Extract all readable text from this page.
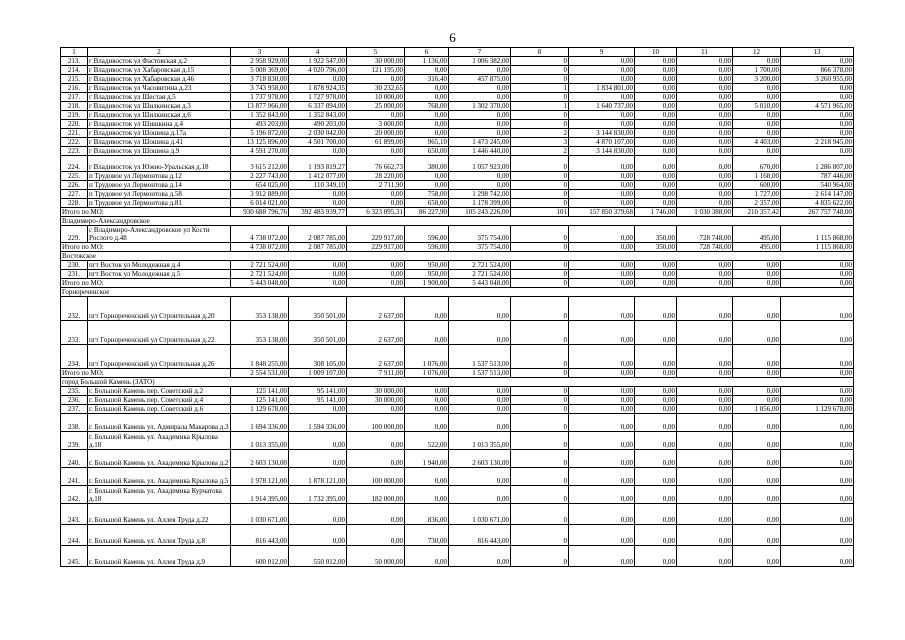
6
1	2	3	4	5	6	7	8	9	10	11	12	13
213.	г Владивосток ул Фастовская д.2	2 958 929,00	1 922 547,00	30 000,00	1 136,00	1 006 382,00	0	0,00	0,00	0,00	0,00	0,00
214.	г Владивосток ул Хабаровская д.15	5 008 369,00	4 020 796,00	121 195,00	0,00	0,00	0	0,00	0,00	0,00	1 700,00	866 378,00
215.	г Владивосток ул Хабаровская д.46	3 718 830,00	0,00	0,00	316,40	457 875,00	0	0,00	0,00	0,00	3 200,00	3 260 955,00
216.	г Владивосток ул Часовитина д.23	3 743 958,00	1 878 924,35	30 232,65	0,00	0,00	1	1 834 801,00	0,00	0,00	0,00	0,00
217.	г Владивосток ул Шестая д.5	1 737 978,00	1 727 978,00	10 000,00	0,00	0,00	0	0,00	0,00	0,00	0,00	0,00
218.	г Владивосток ул Шилкинская д.3	13 877 966,00	6 337 894,00	25 000,00	768,00	1 302 370,00	1	1 640 737,00	0,00	0,00	5 010,00	4 571 965,00
219.	г Владивосток ул Шилкинская д.6	1 352 843,00	1 352 843,00	0,00	0,00	0,00	0	0,00	0,00	0,00	0,00	0,00
220.	г Владивосток ул Шишкина д.4	493 203,00	490 203,00	3 000,00	0,00	0,00	0	0,00	0,00	0,00	0,00	0,00
221.	г Владивосток ул Шошина д.17а	5 196 872,00	2 030 042,00	20 000,00	0,00	0,00	2	3 144 830,00	0,00	0,00	0,00	0,00
222.	г Владивосток ул Шошина д.41	13 125 896,00	4 501 700,00	61 899,00	965,10	1 473 245,00	3	4 870 107,00	0,00	0,00	4 403,00	2 218 945,00
223.	г Владивосток ул Шошина д.9	4 591 270,00	0,00	0,00	650,00	1 446 440,00	2	3 144 830,00	0,00	0,00	0,00	0,00
224.	г Владивосток ул Южно-Уральская д.18	3 615 212,00	1 193 819,27	76 662,73	380,00	1 057 923,00	0	0,00	0,00	0,00	670,00	1 286 807,00
225.	п Трудовое ул Лермонтова д.12	2 227 743,00	1 412 077,00	28 220,00	0,00	0,00	0	0,00	0,00	0,00	1 168,00	787 446,00
226.	п Трудовое ул Лермонтова д.14	654 025,00	110 349,10	2 711,90	0,00	0,00	0	0,00	0,00	0,00	600,00	540 964,00
227.	п Трудовое ул Лермонтова д.58	3 912 889,00	0,00	0,00	758,00	1 298 742,00	0	0,00	0,00	0,00	1 727,00	2 614 147,00
228.	п Трудовое ул Лермонтова д.81	6 014 021,00	0,00	0,00	650,00	1 178 399,00	0	0,00	0,00	0,00	2 357,00	4 835 622,00
Итого по МО:		930 688 796,76	392 483 939,77	6 323 095,31	86 227,90	105 243 226,00	101	157 850 379,68	1 746,00	1 030 388,00	210 357,42	267 757 748,00
Владимиро-Александровское												
229.	с Владимиро-Александровское ул Кости Рослого д.48	4 738 072,00	2 087 785,00	229 917,00	596,00	375 754,00	0	0,00	350,00	728 748,00	495,00	1 115 868,00
Итого по МО:		4 738 072,00	2 087 785,00	229 917,00	596,00	375 754,00	0	0,00	350,00	728 748,00	495,00	1 115 868,00
Востокское												
230.	пгт Восток ул Молодежная д.4	2 721 524,00	0,00	0,00	950,00	2 721 524,00	0	0,00	0,00	0,00	0,00	0,00
231.	пгт Восток ул Молодежная д.5	2 721 524,00	0,00	0,00	950,00	2 721 524,00	0	0,00	0,00	0,00	0,00	0,00
Итого по МО:		5 443 048,00	0,00	0,00	1 900,00	5 443 048,00	0	0,00	0,00	0,00	0,00	0,00
Горнореченское												
232.	пгт Горнореченский ул Строительная д.20	353 138,00	350 501,00	2 637,00	0,00	0,00	0	0,00	0,00	0,00	0,00	0,00
233.	пгт Горнореченский ул Строительная д.22	353 138,00	350 501,00	2 637,00	0,00	0,00	0	0,00	0,00	0,00	0,00	0,00
234.	пгт Горнореченский ул Строительная д.26	1 848 255,00	308 105,00	2 637,00	1 076,00	1 537 513,00	0	0,00	0,00	0,00	0,00	0,00
Итого по МО:		2 554 531,00	1 009 107,00	7 911,00	1 076,00	1 537 513,00	0	0,00	0,00	0,00	0,00	0,00
город Большой Камень (ЗАТО)												
235.	г. Большой Камень пер. Советский д.2	125 141,00	95 141,00	30 000,00	0,00	0,00	0	0,00	0,00	0,00	0,00	0,00
236.	г. Большой Камень пер. Советский д.4	125 141,00	95 141,00	30 000,00	0,00	0,00	0	0,00	0,00	0,00	0,00	0,00
237.	г. Большой Камень пер. Советский д.6	1 129 678,00	0,00	0,00	0,00	0,00	0	0,00	0,00	0,00	1 056,00	1 129 678,00
238.	г. Большой Камень ул. Адмирала Макарова д.3	1 694 336,00	1 594 336,00	100 000,00	0,00	0,00	0	0,00	0,00	0,00	0,00	0,00
239.	г. Большой Камень ул. Академика Крылова д.18	1 013 355,00	0,00	0,00	522,00	1 013 355,00	0	0,00	0,00	0,00	0,00	0,00
240.	г. Большой Камень ул. Академика Крылова д.2	2 603 130,00	0,00	0,00	1 940,00	2 603 130,00	0	0,00	0,00	0,00	0,00	0,00
241.	г. Большой Камень ул. Академика Крылова д.5	1 978 121,00	1 878 121,00	100 000,00	0,00	0,00	0	0,00	0,00	0,00	0,00	0,00
242.	г. Большой Камень ул. Академика Курчатова д.18	1 914 395,00	1 732 395,00	182 000,00	0,00	0,00	0	0,00	0,00	0,00	0,00	0,00
243.	г. Большой Камень ул. Аллея Труда д.22	1 030 671,00	0,00	0,00	836,00	1 030 671,00	0	0,00	0,00	0,00	0,00	0,00
244.	г. Большой Камень ул. Аллея Труда д.8	816 443,00	0,00	0,00	730,00	816 443,00	0	0,00	0,00	0,00	0,00	0,00
245.	г. Большой Камень ул. Аллея Труда д.9	600 012,00	550 012,00	50 000,00	0,00	0,00	0	0,00	0,00	0,00	0,00	0,00
